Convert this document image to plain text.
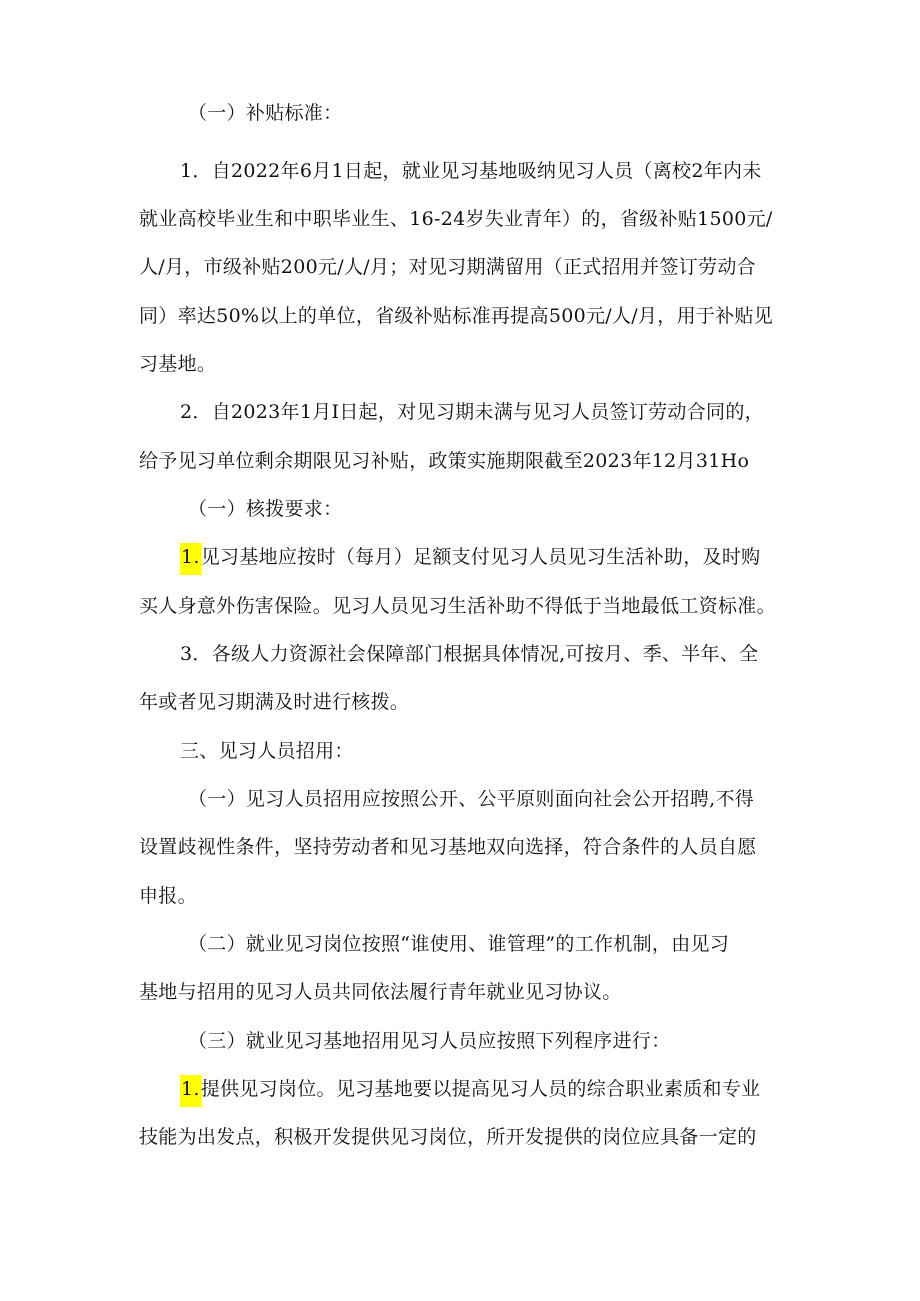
（一）补贴标准：
1．自2022年6月1日起，就业见习基地吸纳见习人员（离校2年内未
就业高校毕业生和中职毕业生、16-24岁失业青年）的，省级补贴1500元/
人/月，市级补贴200元/人/月；对见习期满留用（正式招用并签订劳动合
同）率达50%以上的单位，省级补贴标准再提高500元/人/月，用于补贴见
习基地。
2．自2023年1月I日起，对见习期未满与见习人员签订劳动合同的，
给予见习单位剩余期限见习补贴，政策实施期限截至2023年12月31Ho
（一）核拨要求：
1.见习基地应按时（每月）足额支付见习人员见习生活补助，及时购
买人身意外伤害保险。见习人员见习生活补助不得低于当地最低工资标准。
3．各级人力资源社会保障部门根据具体情况,可按月、季、半年、全
年或者见习期满及时进行核拨。
三、见习人员招用：
（一）见习人员招用应按照公开、公平原则面向社会公开招聘,不得
设置歧视性条件，坚持劳动者和见习基地双向选择，符合条件的人员自愿
申报。
（二）就业见习岗位按照“谁使用、谁管理”的工作机制，由见习
基地与招用的见习人员共同依法履行青年就业见习协议。
（三）就业见习基地招用见习人员应按照下列程序进行：
1.提供见习岗位。见习基地要以提高见习人员的综合职业素质和专业
技能为出发点，积极开发提供见习岗位，所开发提供的岗位应具备一定的
